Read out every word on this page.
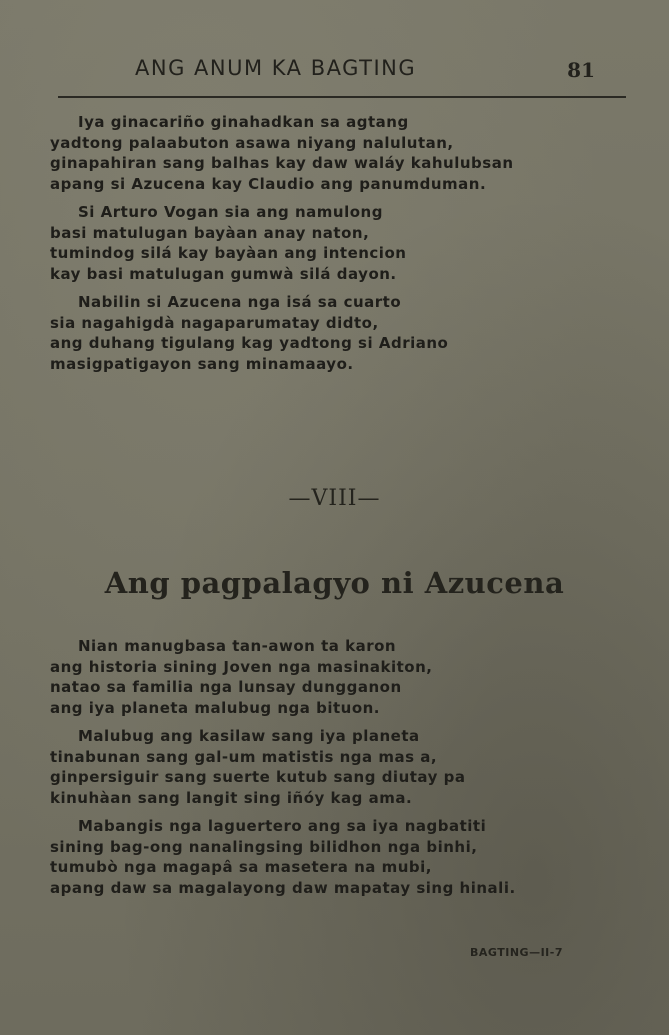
ANG ANUM KA BAGTING	81
Iya ginacariño ginahadkan sa agtang
yadtong palaabuton asawa niyang nalulutan,
ginapahiran sang balhas kay daw waláy kahulubsan
apang si Azucena kay Claudio ang panumduman.
Si Arturo Vogan sia ang namulong
basi matulugan bayàan anay naton,
tumindog silá kay bayàan ang intencion
kay basi matulugan gumwà silá dayon.
Nabilin si Azucena nga isá sa cuarto
sia nagahigdà nagaparumatay didto,
ang duhang tigulang kag yadtong si Adriano
masigpatigayon sang minamaayo.
—VIII—
Ang pagpalagyo ni Azucena
Nian manugbasa tan-awon ta karon
ang historia sining Joven nga masinakiton,
natao sa familia nga lunsay dungganon
ang iya planeta malubug nga bituon.
Malubug ang kasilaw sang iya planeta
tinabunan sang gal-um matistis nga mas a,
ginpersiguir sang suerte kutub sang diutay pa
kinuhàan sang langit sing iñóy kag ama.
Mabangis nga laguertero ang sa iya nagbatiti
sining bag-ong nanalingsing bilidhon nga binhi,
tumubò nga magapâ sa masetera na mubi,
apang daw sa magalayong daw mapatay sing hinali.
BAGTING—II-7
